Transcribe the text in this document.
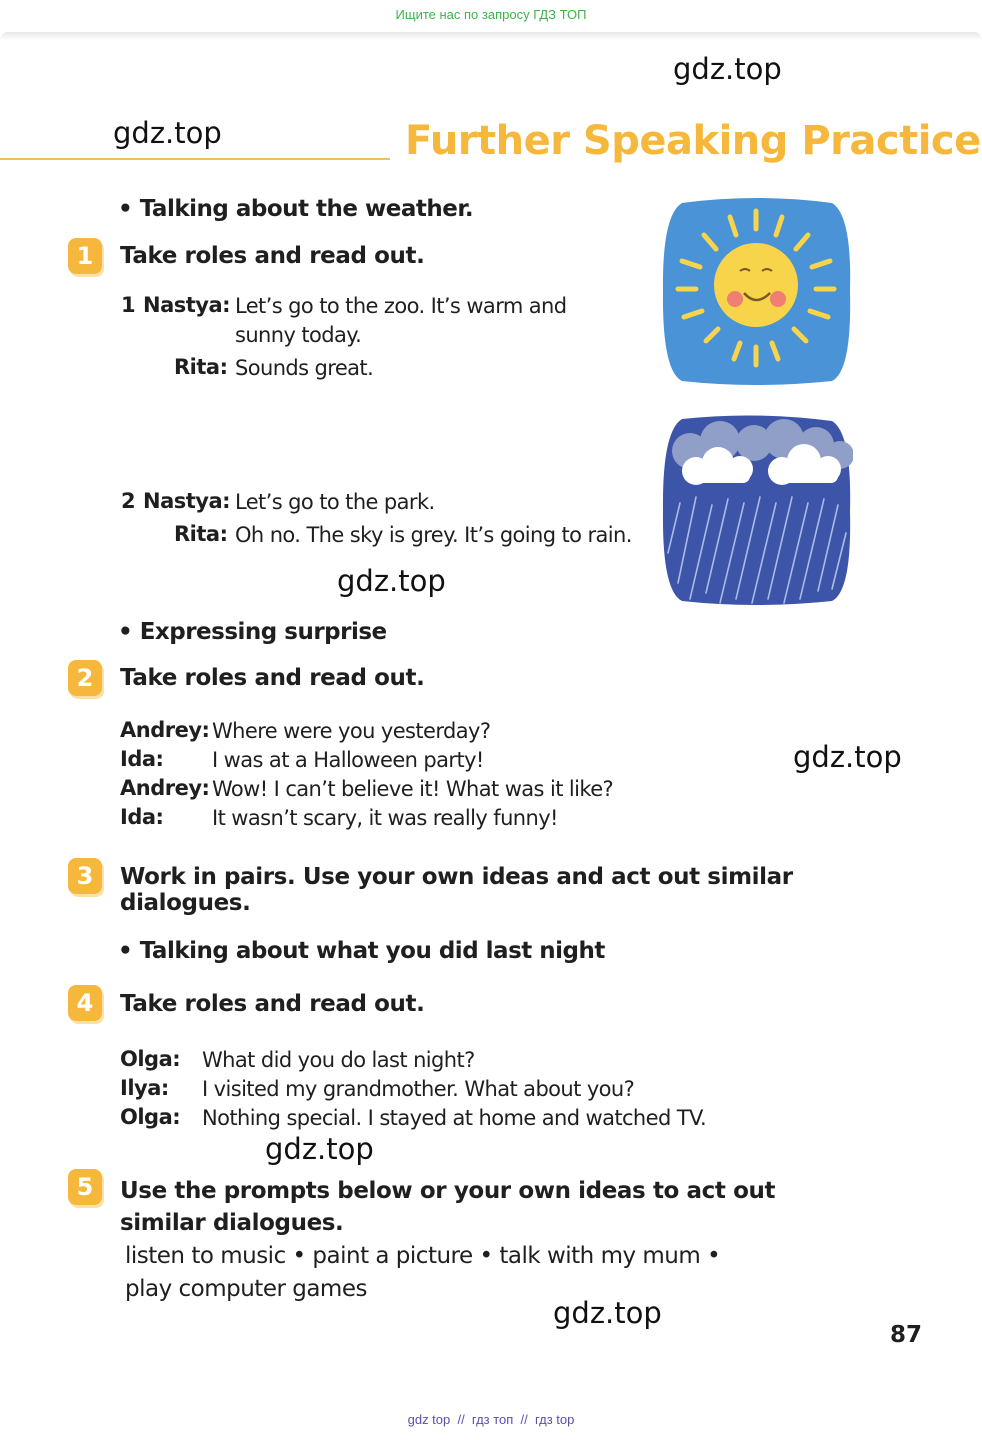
Ищите нас по запросу ГДЗ ТОП
gdz.top
gdz.top
gdz.top
gdz.top
gdz.top
gdz.top
Further Speaking Practice
• Talking about the weather.
1	Take roles and read out.
1 Nastya: Let’s go to the zoo. It’s warm and
sunny today.
Rita: Sounds great.
2 Nastya: Let’s go to the park.
Rita: Oh no. The sky is grey. It’s going to rain.
• Expressing surprise
2	Take roles and read out.
Andrey: Where were you yesterday?
Ida: I was at a Halloween party!
Andrey: Wow! I can’t believe it! What was it like?
Ida: It wasn’t scary, it was really funny!
3	Work in pairs. Use your own ideas and act out similar dialogues.
• Talking about what you did last night
4	Take roles and read out.
Olga: What did you do last night?
Ilya: I visited my grandmother. What about you?
Olga: Nothing special. I stayed at home and watched TV.
5	Use the prompts below or your own ideas to act out similar dialogues.
listen to music • paint a picture • talk with my mum • play computer games
87
gdz top  //  гдз топ  //  гдз top
